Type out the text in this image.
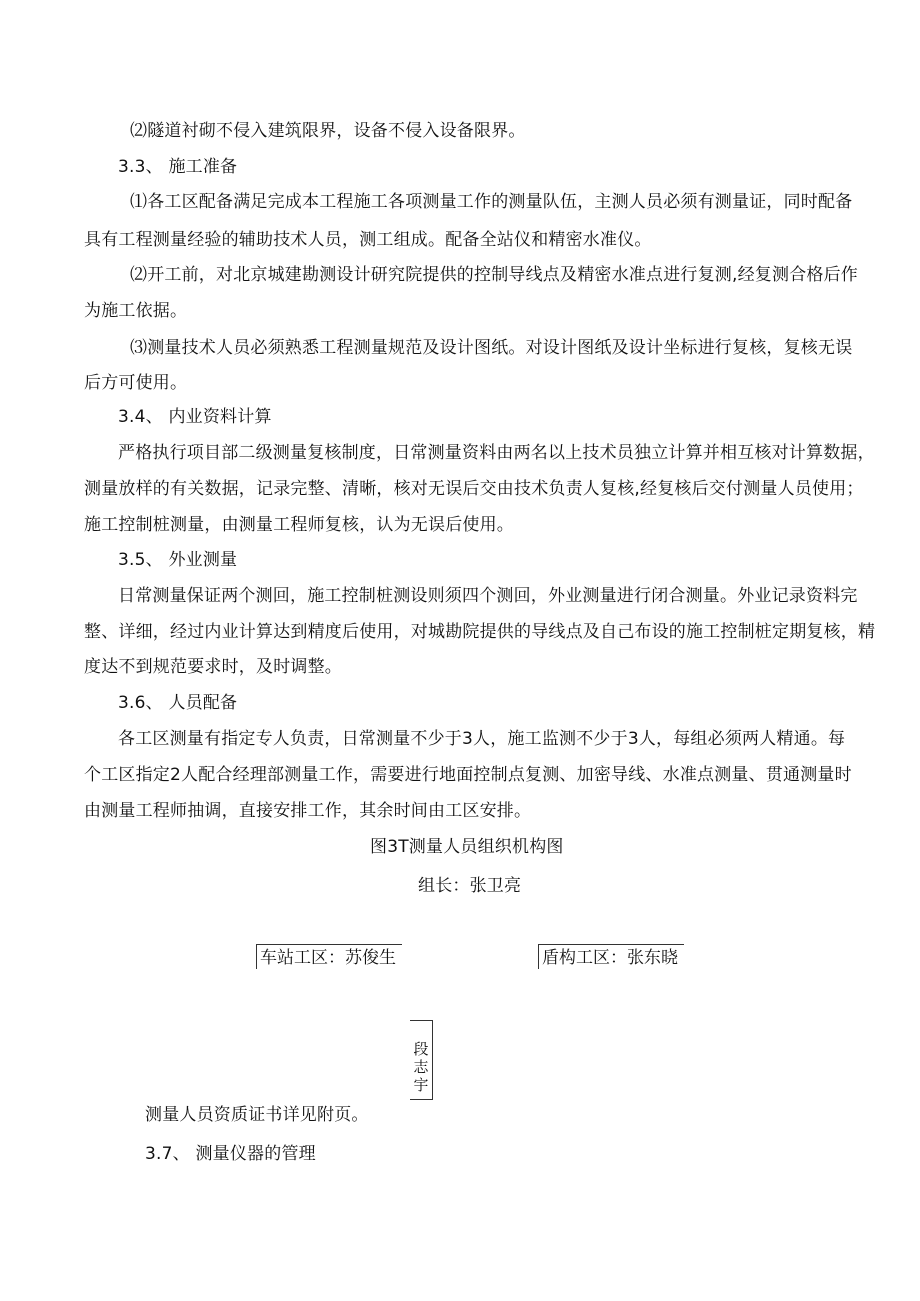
⑵隧道衬砌不侵入建筑限界，设备不侵入设备限界。
3.3、 施工准备
⑴各工区配备满足完成本工程施工各项测量工作的测量队伍，主测人员必须有测量证，同时配备
具有工程测量经验的辅助技术人员，测工组成。配备全站仪和精密水准仪。
⑵开工前，对北京城建勘测设计研究院提供的控制导线点及精密水准点进行复测,经复测合格后作
为施工依据。
⑶测量技术人员必须熟悉工程测量规范及设计图纸。对设计图纸及设计坐标进行复核，复核无误
后方可使用。
3.4、 内业资料计算
严格执行项目部二级测量复核制度，日常测量资料由两名以上技术员独立计算并相互核对计算数据，
测量放样的有关数据，记录完整、清晰，核对无误后交由技术负责人复核,经复核后交付测量人员使用；
施工控制桩测量，由测量工程师复核，认为无误后使用。
3.5、 外业测量
日常测量保证两个测回，施工控制桩测设则须四个测回，外业测量进行闭合测量。外业记录资料完
整、详细，经过内业计算达到精度后使用，对城勘院提供的导线点及自己布设的施工控制桩定期复核，精
度达不到规范要求时，及时调整。
3.6、 人员配备
各工区测量有指定专人负责，日常测量不少于3人，施工监测不少于3人，每组必须两人精通。每
个工区指定2人配合经理部测量工作，需要进行地面控制点复测、加密导线、水准点测量、贯通测量时
由测量工程师抽调，直接安排工作，其余时间由工区安排。
图3T测量人员组织机构图
组长：张卫亮
车站工区：苏俊生	盾构工区：张东晓
段志宇
测量人员资质证书详见附页。
3.7、 测量仪器的管理
